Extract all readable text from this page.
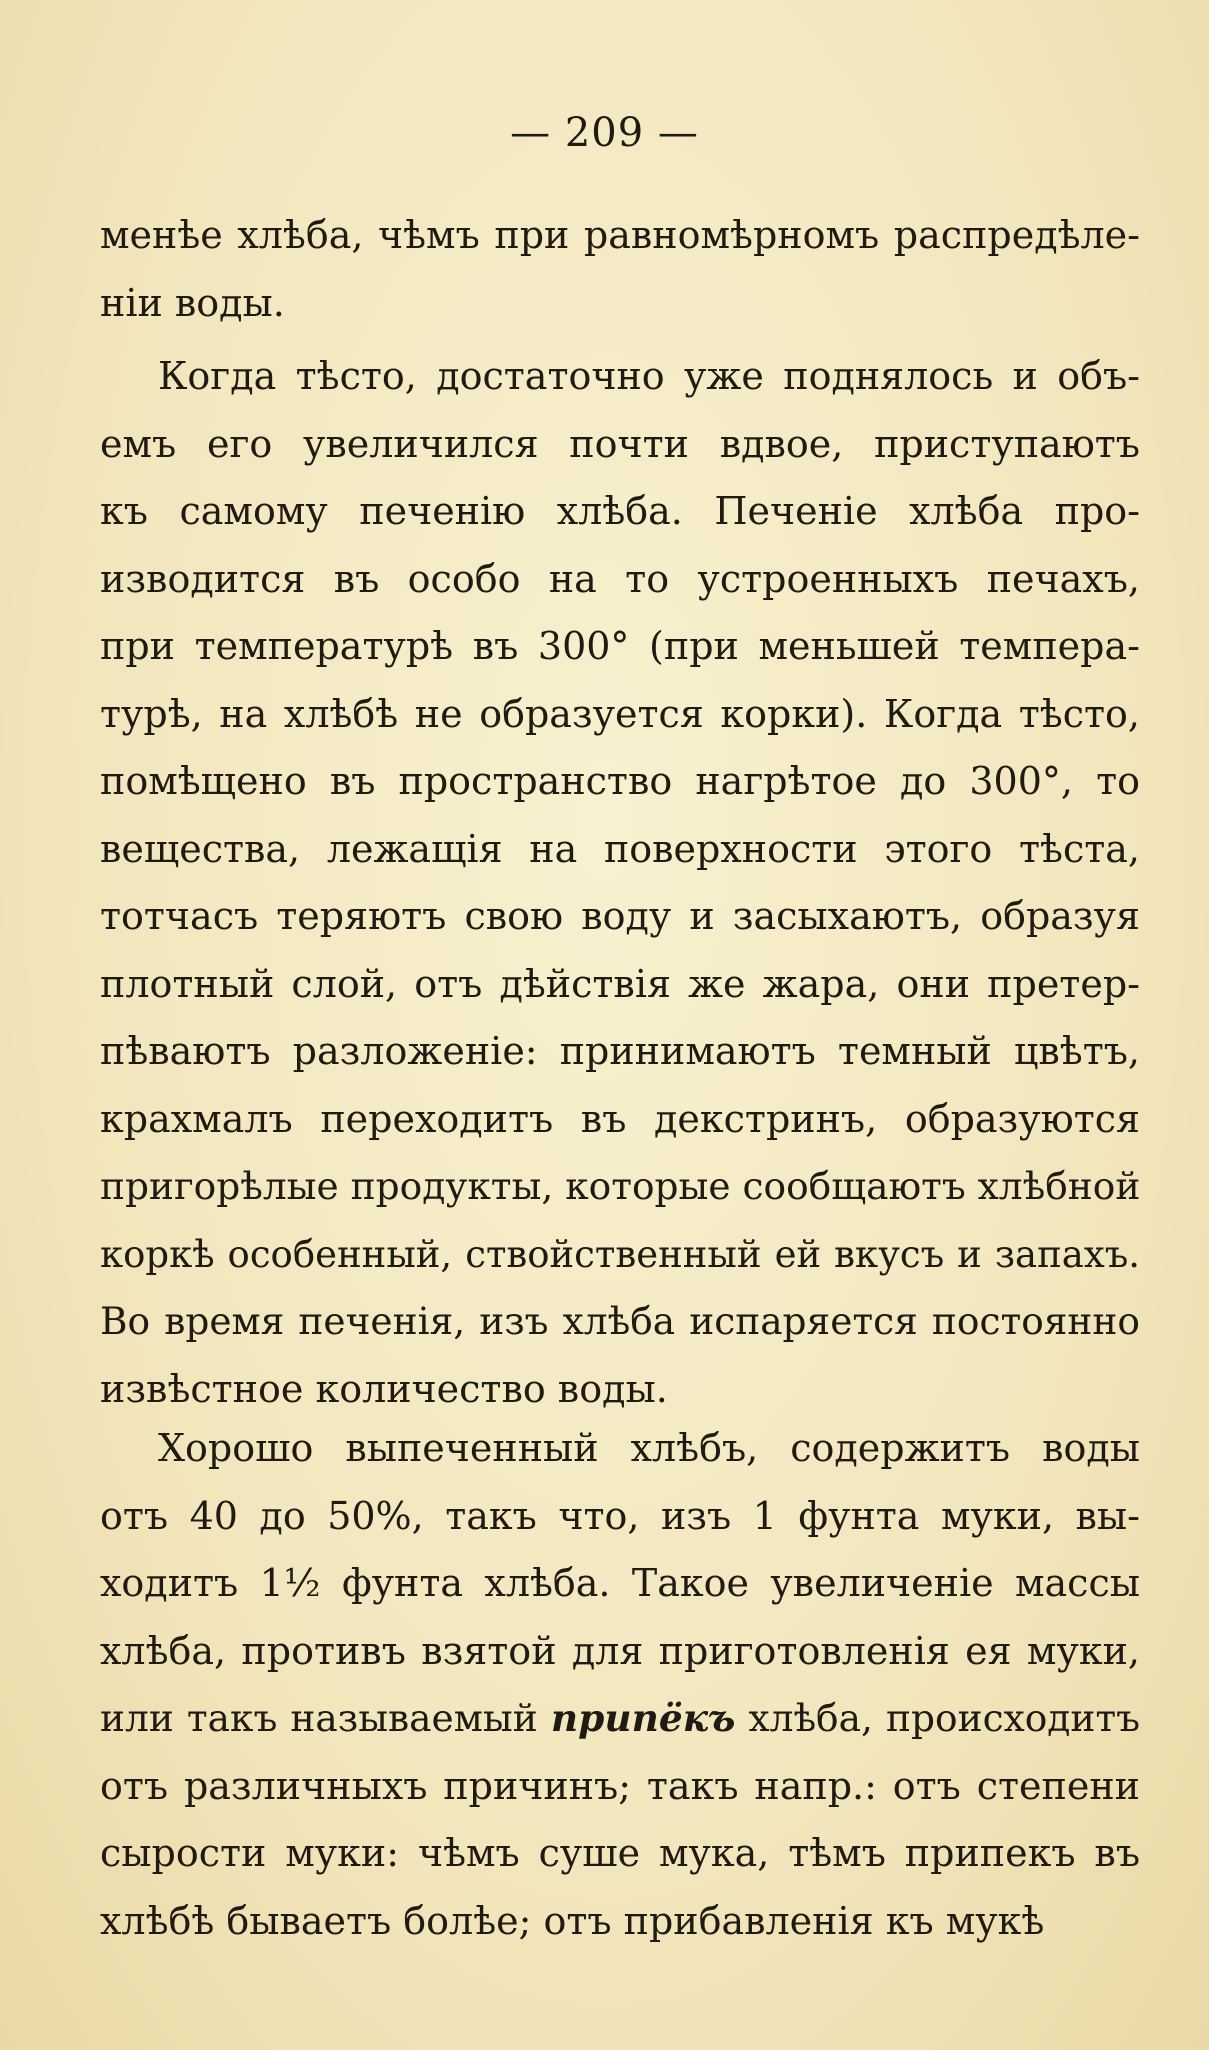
— 209 —
менѣе хлѣба, чѣмъ при равномѣрномъ распредѣле-
нiи воды.
Когда тѣсто, достаточно уже поднялось и объ-
емъ его увеличился почти вдвое, приступаютъ
къ самому печенiю хлѣба. Печенiе хлѣба про-
изводится въ особо на то устроенныхъ печахъ,
при температурѣ въ 300° (при меньшей темпера-
турѣ, на хлѣбѣ не образуется корки). Когда тѣсто,
помѣщено въ пространство нагрѣтое до 300°, то
вещества, лежащiя на поверхности этого тѣста,
тотчасъ теряютъ свою воду и засыхаютъ, образуя
плотный слой, отъ дѣйствiя же жара, они претер-
пѣваютъ разложенiе: принимаютъ темный цвѣтъ,
крахмалъ переходитъ въ декстринъ, образуются
пригорѣлые продукты, которые сообщаютъ хлѣбной
коркѣ особенный, ствойственный ей вкусъ и запахъ.
Во время печенiя, изъ хлѣба испаряется постоянно
извѣстное количество воды.
Хорошо выпеченный хлѣбъ, содержитъ воды
отъ 40 до 50%, такъ что, изъ 1 фунта муки, вы-
ходитъ 1½ фунта хлѣба. Такое увеличенiе массы
хлѣба, противъ взятой для приготовленiя ея муки,
или такъ называемый припёкъ хлѣба, происходитъ
отъ различныхъ причинъ; такъ напр.: отъ степени
сырости муки: чѣмъ суше мука, тѣмъ припекъ въ
хлѣбѣ бываетъ болѣе; отъ прибавленiя къ мукѣ
